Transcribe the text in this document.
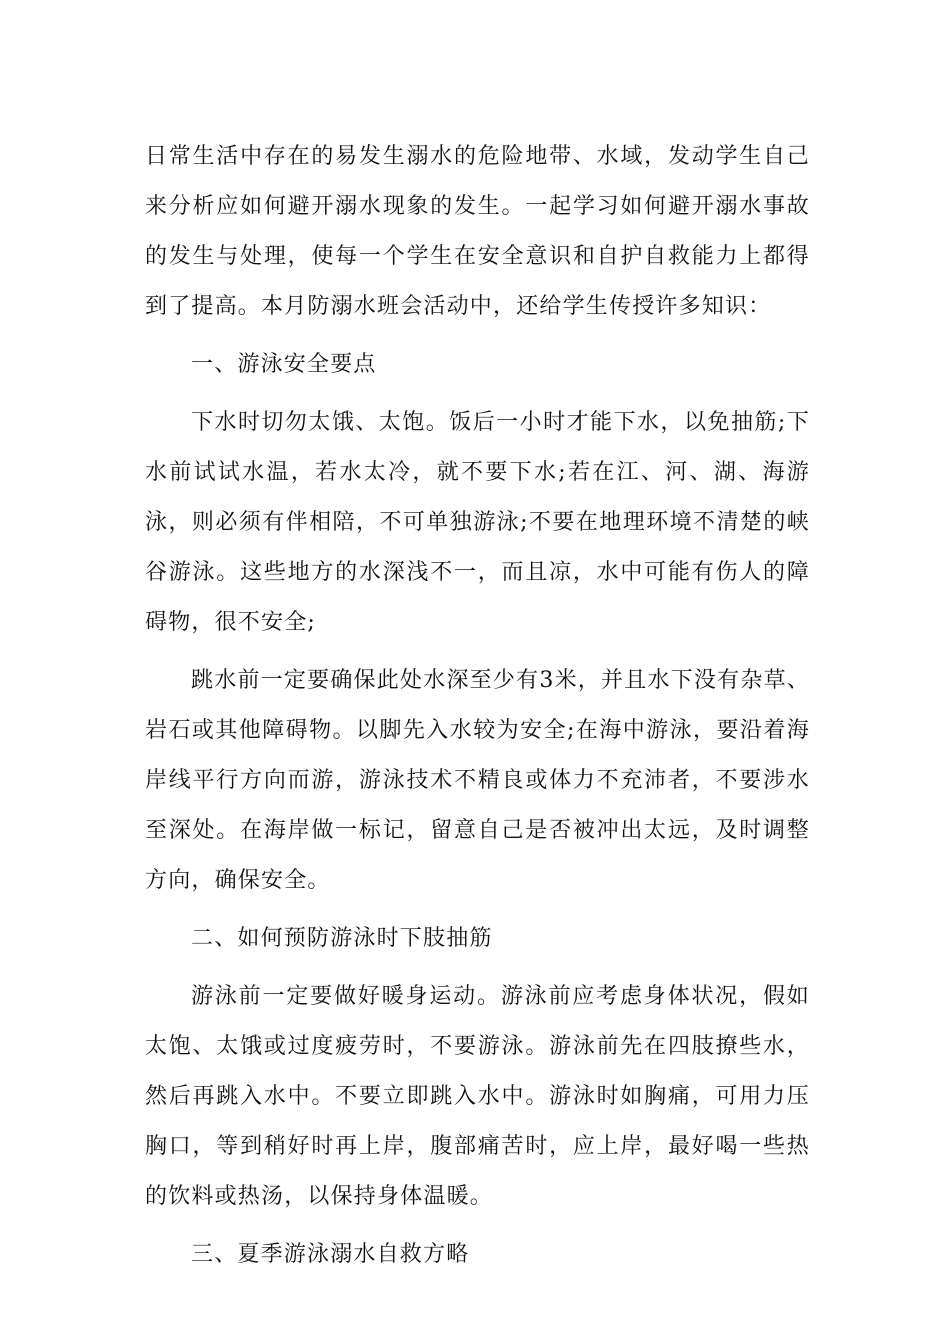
日常生活中存在的易发生溺水的危险地带、水域，发动学生自己来分析应如何避开溺水现象的发生。一起学习如何避开溺水事故的发生与处理，使每一个学生在安全意识和自护自救能力上都得到了提高。本月防溺水班会活动中，还给学生传授许多知识：

一、游泳安全要点

下水时切勿太饿、太饱。饭后一小时才能下水，以免抽筋;下水前试试水温，若水太冷，就不要下水;若在江、河、湖、海游泳，则必须有伴相陪，不可单独游泳;不要在地理环境不清楚的峡谷游泳。这些地方的水深浅不一，而且凉，水中可能有伤人的障碍物，很不安全;

跳水前一定要确保此处水深至少有3米，并且水下没有杂草、岩石或其他障碍物。以脚先入水较为安全;在海中游泳，要沿着海岸线平行方向而游，游泳技术不精良或体力不充沛者，不要涉水至深处。在海岸做一标记，留意自己是否被冲出太远，及时调整方向，确保安全。

二、如何预防游泳时下肢抽筋

游泳前一定要做好暖身运动。游泳前应考虑身体状况，假如太饱、太饿或过度疲劳时，不要游泳。游泳前先在四肢撩些水，然后再跳入水中。不要立即跳入水中。游泳时如胸痛，可用力压胸口，等到稍好时再上岸，腹部痛苦时，应上岸，最好喝一些热的饮料或热汤，以保持身体温暖。

三、夏季游泳溺水自救方略
